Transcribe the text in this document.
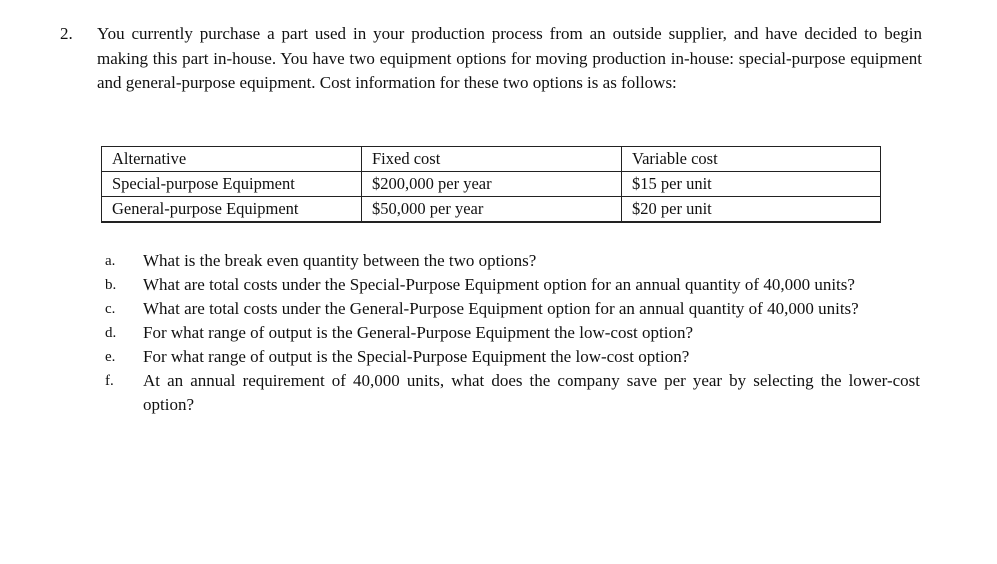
2. You currently purchase a part used in your production process from an outside supplier, and have decided to begin making this part in-house. You have two equipment options for moving production in-house: special-purpose equipment and general-purpose equipment. Cost information for these two options is as follows:
Alternative	Fixed cost	Variable cost
Special-purpose Equipment	$200,000 per year	$15 per unit
General-purpose Equipment	$50,000 per year	$20 per unit
a.	What is the break even quantity between the two options?
b.	What are total costs under the Special-Purpose Equipment option for an annual quantity of 40,000 units?
c.	What are total costs under the General-Purpose Equipment option for an annual quantity of 40,000 units?
d.	For what range of output is the General-Purpose Equipment the low-cost option?
e.	For what range of output is the Special-Purpose Equipment the low-cost option?
f.	At an annual requirement of 40,000 units, what does the company save per year by selecting the lower-cost option?
